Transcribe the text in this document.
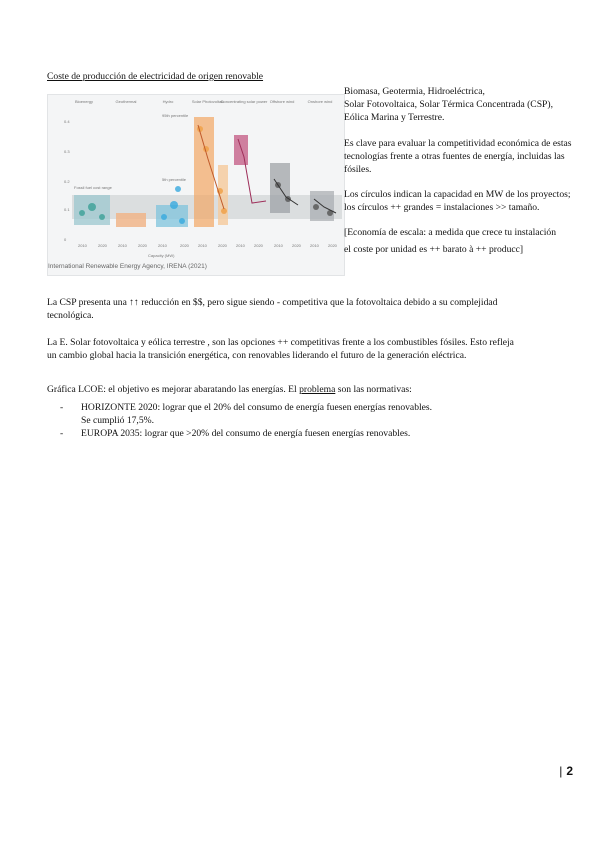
Coste de producción de electricidad de origen renovable
Bioenergy	Geothermal	Hydro	Solar Photovoltaic
Concentrating solar power Offshore wind	Onshore wind
0.4
0.3
0.2
0.1
0
Fossil fuel cost range
95th percentile
5th percentile
2010	2020	2010	2020	2010	2020 2010	2020 2010 2020	2010 2020 2010 2020
Capacity (MW)
International Renewable Energy Agency, IRENA (2021)
Biomasa, Geotermia, Hidroeléctrica,
Solar Fotovoltaica, Solar Térmica Concentrada (CSP),
Eólica Marina y Terrestre.
Es clave para evaluar la competitividad económica de estas
tecnologías frente a otras fuentes de energía, incluidas las
fósiles.
Los círculos indican la capacidad en MW de los proyectos;
los círculos ++ grandes = instalaciones >> tamaño.
[Economía de escala: a medida que crece tu instalación
el coste por unidad es ++ barato à ++ producc]
La CSP presenta una ↑↑ reducción en $$, pero sigue siendo - competitiva que la fotovoltaica debido a su complejidad
tecnológica.
La E. Solar fotovoltaica y eólica terrestre , son las opciones ++ competitivas frente a los combustibles fósiles. Esto refleja
un cambio global hacia la transición energética, con renovables liderando el futuro de la generación eléctrica.
Gráfica LCOE: el objetivo es mejorar abaratando las energías. El problema son las normativas:
- HORIZONTE 2020: lograr que el 20% del consumo de energía fuesen energías renovables.
Se cumplió 17,5%.
- EUROPA 2035: lograr que >20% del consumo de energía fuesen energías renovables.
| 2
